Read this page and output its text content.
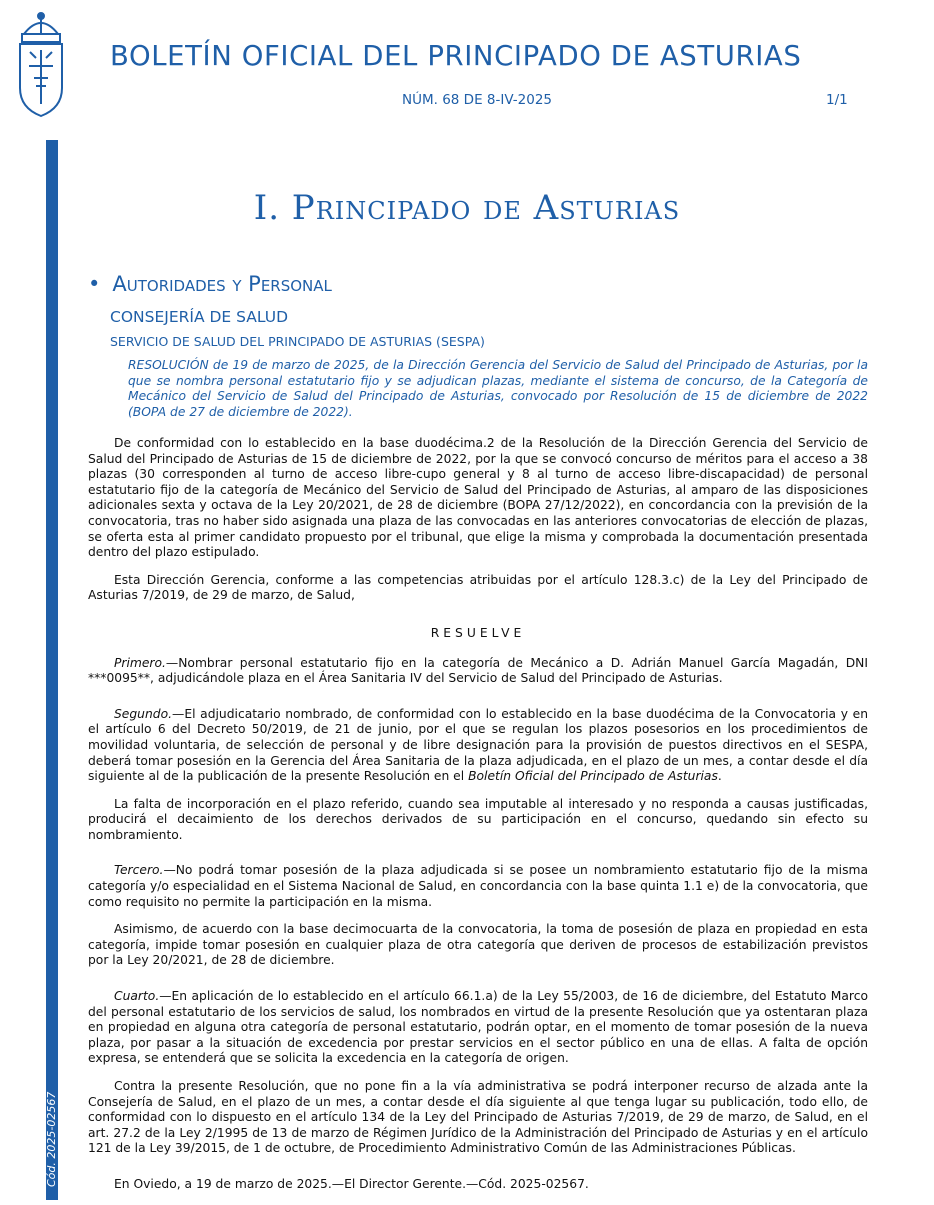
BOLETÍN OFICIAL DEL PRINCIPADO DE ASTURIAS
NÚM. 68 DE 8-IV-2025	1/1
Cód. 2025-02567
I. Principado de Asturias
• Autoridades y Personal
CONSEJERÍA DE SALUD
SERVICIO DE SALUD DEL PRINCIPADO DE ASTURIAS (SESPA)
RESOLUCIÓN de 19 de marzo de 2025, de la Dirección Gerencia del Servicio de Salud del Principado de Asturias, por la que se nombra personal estatutario fijo y se adjudican plazas, mediante el sistema de concurso, de la Categoría de Mecánico del Servicio de Salud del Principado de Asturias, convocado por Resolución de 15 de diciembre de 2022 (BOPA de 27 de diciembre de 2022).

De conformidad con lo establecido en la base duodécima.2 de la Resolución de la Dirección Gerencia del Servicio de Salud del Principado de Asturias de 15 de diciembre de 2022, por la que se convocó concurso de méritos para el acceso a 38 plazas (30 corresponden al turno de acceso libre-cupo general y 8 al turno de acceso libre-discapacidad) de personal estatutario fijo de la categoría de Mecánico del Servicio de Salud del Principado de Asturias, al amparo de las disposiciones adicionales sexta y octava de la Ley 20/2021, de 28 de diciembre (BOPA 27/12/2022), en concordancia con la previsión de la convocatoria, tras no haber sido asignada una plaza de las convocadas en las anteriores convocatorias de elección de plazas, se oferta esta al primer candidato propuesto por el tribunal, que elige la misma y comprobada la documentación presentada dentro del plazo estipulado.

Esta Dirección Gerencia, conforme a las competencias atribuidas por el artículo 128.3.c) de la Ley del Principado de Asturias 7/2019, de 29 de marzo, de Salud,

RESUELVE

Primero.—Nombrar personal estatutario fijo en la categoría de Mecánico a D. Adrián Manuel García Magadán, DNI ***0095**, adjudicándole plaza en el Área Sanitaria IV del Servicio de Salud del Principado de Asturias.

Segundo.—El adjudicatario nombrado, de conformidad con lo establecido en la base duodécima de la Convocatoria y en el artículo 6 del Decreto 50/2019, de 21 de junio, por el que se regulan los plazos posesorios en los procedimientos de movilidad voluntaria, de selección de personal y de libre designación para la provisión de puestos directivos en el SESPA, deberá tomar posesión en la Gerencia del Área Sanitaria de la plaza adjudicada, en el plazo de un mes, a contar desde el día siguiente al de la publicación de la presente Resolución en el Boletín Oficial del Principado de Asturias.

La falta de incorporación en el plazo referido, cuando sea imputable al interesado y no responda a causas justificadas, producirá el decaimiento de los derechos derivados de su participación en el concurso, quedando sin efecto su nombramiento.

Tercero.—No podrá tomar posesión de la plaza adjudicada si se posee un nombramiento estatutario fijo de la misma categoría y/o especialidad en el Sistema Nacional de Salud, en concordancia con la base quinta 1.1 e) de la convocatoria, que como requisito no permite la participación en la misma.

Asimismo, de acuerdo con la base decimocuarta de la convocatoria, la toma de posesión de plaza en propiedad en esta categoría, impide tomar posesión en cualquier plaza de otra categoría que deriven de procesos de estabilización previstos por la Ley 20/2021, de 28 de diciembre.

Cuarto.—En aplicación de lo establecido en el artículo 66.1.a) de la Ley 55/2003, de 16 de diciembre, del Estatuto Marco del personal estatutario de los servicios de salud, los nombrados en virtud de la presente Resolución que ya ostentaran plaza en propiedad en alguna otra categoría de personal estatutario, podrán optar, en el momento de tomar posesión de la nueva plaza, por pasar a la situación de excedencia por prestar servicios en el sector público en una de ellas. A falta de opción expresa, se entenderá que se solicita la excedencia en la categoría de origen.

Contra la presente Resolución, que no pone fin a la vía administrativa se podrá interponer recurso de alzada ante la Consejería de Salud, en el plazo de un mes, a contar desde el día siguiente al que tenga lugar su publicación, todo ello, de conformidad con lo dispuesto en el artículo 134 de la Ley del Principado de Asturias 7/2019, de 29 de marzo, de Salud, en el art. 27.2 de la Ley 2/1995 de 13 de marzo de Régimen Jurídico de la Administración del Principado de Asturias y en el artículo 121 de la Ley 39/2015, de 1 de octubre, de Procedimiento Administrativo Común de las Administraciones Públicas.

En Oviedo, a 19 de marzo de 2025.—El Director Gerente.—Cód. 2025-02567.
